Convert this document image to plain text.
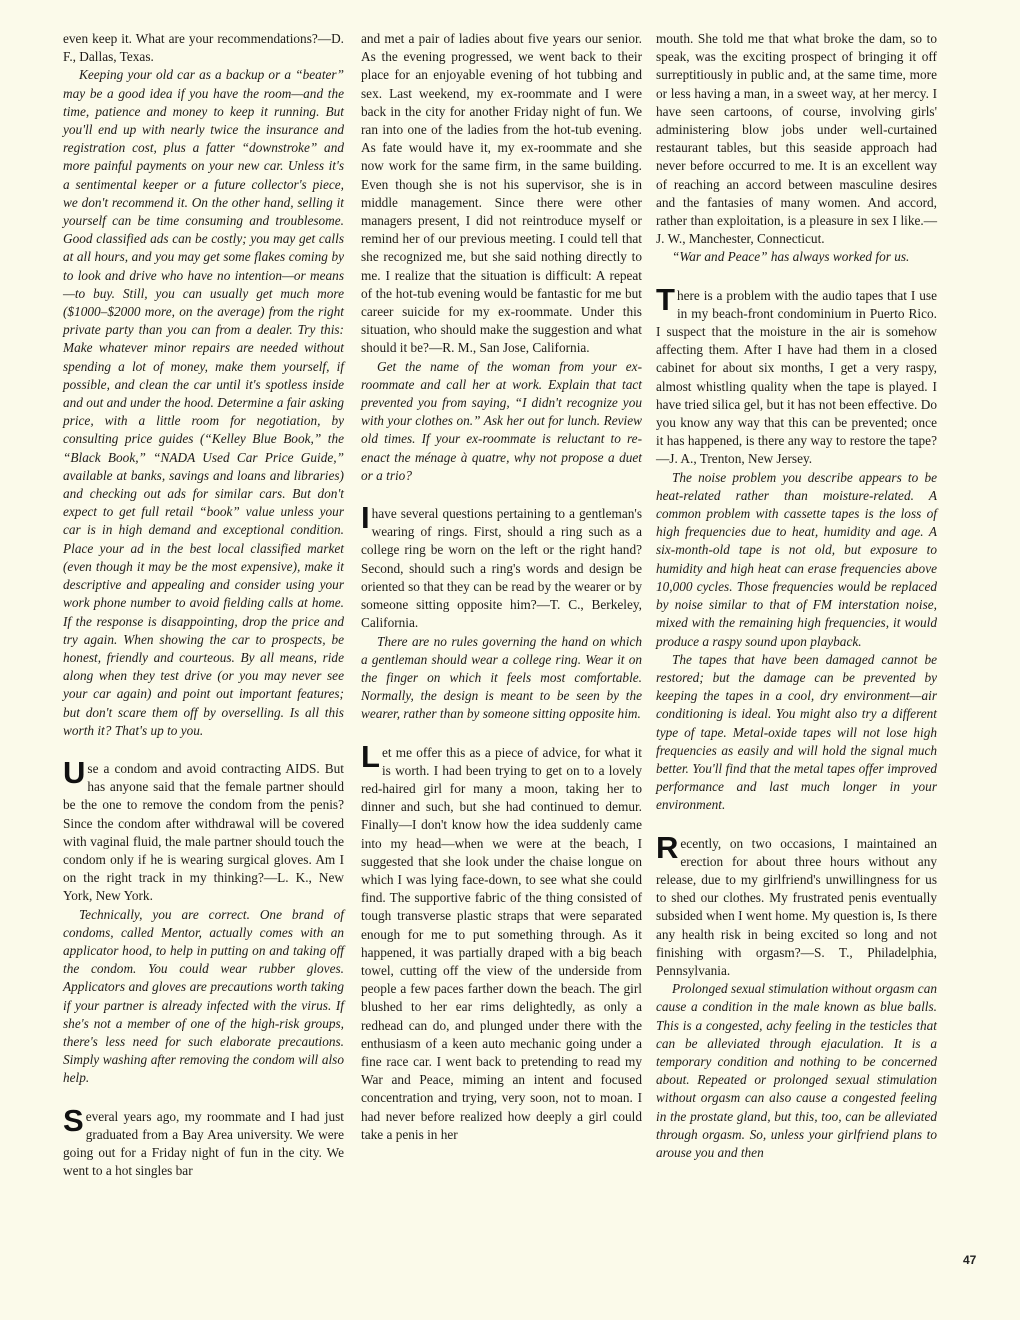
even keep it. What are your recommendations?—D. F., Dallas, Texas.

Keeping your old car as a backup or a “beater” may be a good idea if you have the room—and the time, patience and money to keep it running. But you'll end up with nearly twice the insurance and registration cost, plus a fatter “downstroke” and more painful payments on your new car. Unless it's a sentimental keeper or a future collector's piece, we don't recommend it. On the other hand, selling it yourself can be time consuming and troublesome. Good classified ads can be costly; you may get calls at all hours, and you may get some flakes coming by to look and drive who have no intention—or means—to buy. Still, you can usually get much more ($1000–$2000 more, on the average) from the right private party than you can from a dealer. Try this: Make whatever minor repairs are needed without spending a lot of money, make them yourself, if possible, and clean the car until it's spotless inside and out and under the hood. Determine a fair asking price, with a little room for negotiation, by consulting price guides (“Kelley Blue Book,” the “Black Book,” “NADA Used Car Price Guide,” available at banks, savings and loans and libraries) and checking out ads for similar cars. But don't expect to get full retail “book” value unless your car is in high demand and exceptional condition. Place your ad in the best local classified market (even though it may be the most expensive), make it descriptive and appealing and consider using your work phone number to avoid fielding calls at home. If the response is disappointing, drop the price and try again. When showing the car to prospects, be honest, friendly and courteous. By all means, ride along when they test drive (or you may never see your car again) and point out important features; but don't scare them off by overselling. Is all this worth it? That's up to you.

Use a condom and avoid contracting AIDS. But has anyone said that the female partner should be the one to remove the condom from the penis? Since the condom after withdrawal will be covered with vaginal fluid, the male partner should touch the condom only if he is wearing surgical gloves. Am I on the right track in my thinking?—L. K., New York, New York.

Technically, you are correct. One brand of condoms, called Mentor, actually comes with an applicator hood, to help in putting on and taking off the condom. You could wear rubber gloves. Applicators and gloves are precautions worth taking if your partner is already infected with the virus. If she's not a member of one of the high-risk groups, there's less need for such elaborate precautions. Simply washing after removing the condom will also help.

Several years ago, my roommate and I had just graduated from a Bay Area university. We were going out for a Friday night of fun in the city. We went to a hot singles bar

and met a pair of ladies about five years our senior. As the evening progressed, we went back to their place for an enjoyable evening of hot tubbing and sex. Last weekend, my ex-roommate and I were back in the city for another Friday night of fun. We ran into one of the ladies from the hot-tub evening. As fate would have it, my ex-roommate and she now work for the same firm, in the same building. Even though she is not his supervisor, she is in middle management. Since there were other managers present, I did not reintroduce myself or remind her of our previous meeting. I could tell that she recognized me, but she said nothing directly to me. I realize that the situation is difficult: A repeat of the hot-tub evening would be fantastic for me but career suicide for my ex-roommate. Under this situation, who should make the suggestion and what should it be?—R. M., San Jose, California.

Get the name of the woman from your ex-roommate and call her at work. Explain that tact prevented you from saying, “I didn't recognize you with your clothes on.” Ask her out for lunch. Review old times. If your ex-roommate is reluctant to re-enact the ménage à quatre, why not propose a duet or a trio?

Ihave several questions pertaining to a gentleman's wearing of rings. First, should a ring such as a college ring be worn on the left or the right hand? Second, should such a ring's words and design be oriented so that they can be read by the wearer or by someone sitting opposite him?—T. C., Berkeley, California.

There are no rules governing the hand on which a gentleman should wear a college ring. Wear it on the finger on which it feels most comfortable. Normally, the design is meant to be seen by the wearer, rather than by someone sitting opposite him.

Let me offer this as a piece of advice, for what it is worth. I had been trying to get on to a lovely red-haired girl for many a moon, taking her to dinner and such, but she had continued to demur. Finally—I don't know how the idea suddenly came into my head—when we were at the beach, I suggested that she look under the chaise longue on which I was lying face-down, to see what she could find. The supportive fabric of the thing consisted of tough transverse plastic straps that were separated enough for me to put something through. As it happened, it was partially draped with a big beach towel, cutting off the view of the underside from people a few paces farther down the beach. The girl blushed to her ear rims delightedly, as only a redhead can do, and plunged under there with the enthusiasm of a keen auto mechanic going under a fine race car. I went back to pretending to read my War and Peace, miming an intent and focused concentration and trying, very soon, not to moan. I had never before realized how deeply a girl could take a penis in her

mouth. She told me that what broke the dam, so to speak, was the exciting prospect of bringing it off surreptitiously in public and, at the same time, more or less having a man, in a sweet way, at her mercy. I have seen cartoons, of course, involving girls' administering blow jobs under well-curtained restaurant tables, but this seaside approach had never before occurred to me. It is an excellent way of reaching an accord between masculine desires and the fantasies of many women. And accord, rather than exploitation, is a pleasure in sex I like.—J. W., Manchester, Connecticut.

“War and Peace” has always worked for us.

There is a problem with the audio tapes that I use in my beach-front condominium in Puerto Rico. I suspect that the moisture in the air is somehow affecting them. After I have had them in a closed cabinet for about six months, I get a very raspy, almost whistling quality when the tape is played. I have tried silica gel, but it has not been effective. Do you know any way that this can be prevented; once it has happened, is there any way to restore the tape?—J. A., Trenton, New Jersey.

The noise problem you describe appears to be heat-related rather than moisture-related. A common problem with cassette tapes is the loss of high frequencies due to heat, humidity and age. A six-month-old tape is not old, but exposure to humidity and high heat can erase frequencies above 10,000 cycles. Those frequencies would be replaced by noise similar to that of FM interstation noise, mixed with the remaining high frequencies, it would produce a raspy sound upon playback.

The tapes that have been damaged cannot be restored; but the damage can be prevented by keeping the tapes in a cool, dry environment—air conditioning is ideal. You might also try a different type of tape. Metal-oxide tapes will not lose high frequencies as easily and will hold the signal much better. You'll find that the metal tapes offer improved performance and last much longer in your environment.

Recently, on two occasions, I maintained an erection for about three hours without any release, due to my girlfriend's unwillingness for us to shed our clothes. My frustrated penis eventually subsided when I went home. My question is, Is there any health risk in being excited so long and not finishing with orgasm?—S. T., Philadelphia, Pennsylvania.

Prolonged sexual stimulation without orgasm can cause a condition in the male known as blue balls. This is a congested, achy feeling in the testicles that can be alleviated through ejaculation. It is a temporary condition and nothing to be concerned about. Repeated or prolonged sexual stimulation without orgasm can also cause a congested feeling in the prostate gland, but this, too, can be alleviated through orgasm. So, unless your girlfriend plans to arouse you and then

47
